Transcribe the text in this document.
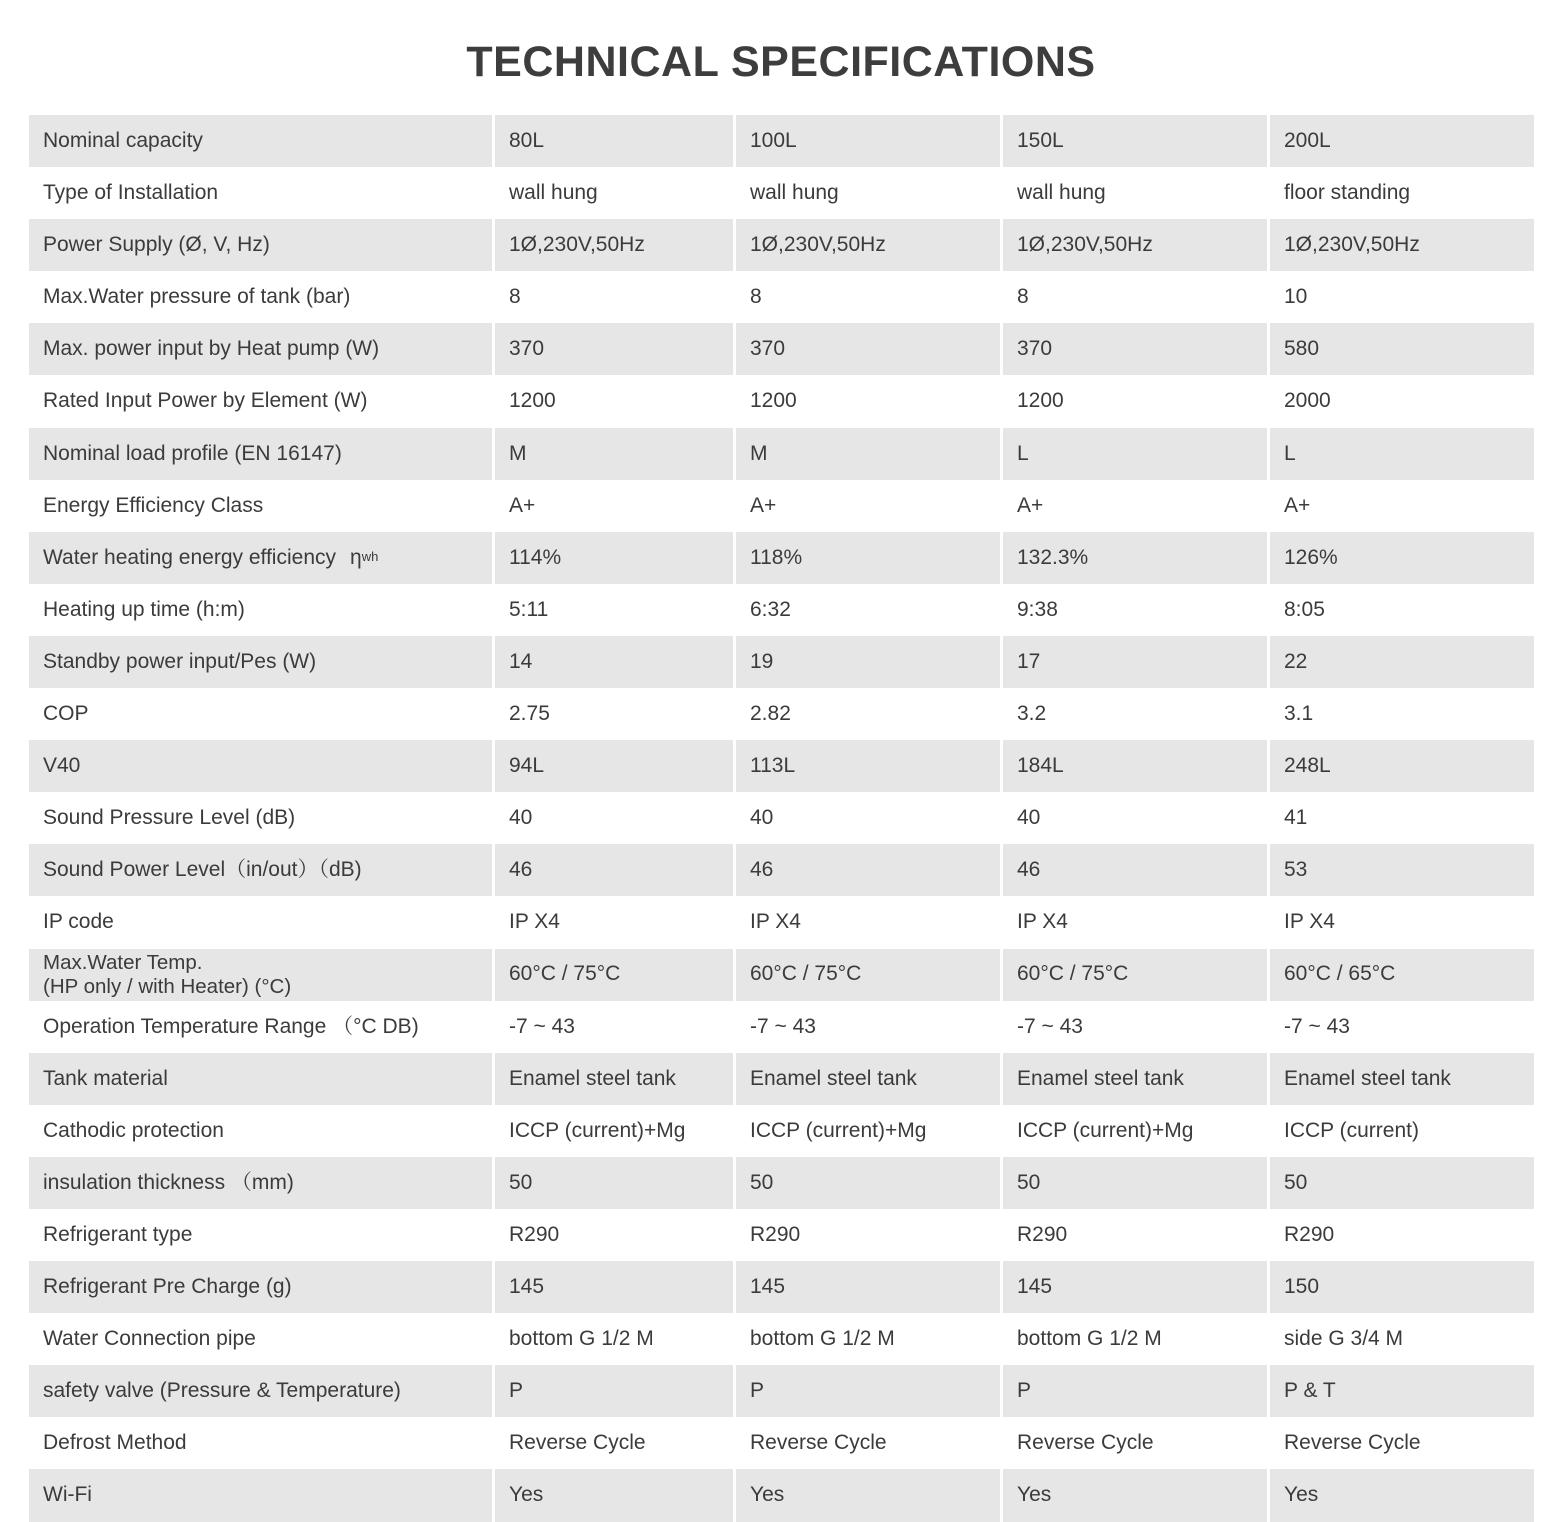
TECHNICAL SPECIFICATIONS
Nominal capacity	80L	100L	150L	200L
Type of Installation	wall hung	wall hung	wall hung	floor standing
Power Supply (Ø, V, Hz)	1Ø,230V,50Hz	1Ø,230V,50Hz	1Ø,230V,50Hz	1Ø,230V,50Hz
Max.Water pressure of tank (bar)	8	8	8	10
Max. power input by Heat pump (W)	370	370	370	580
Rated Input Power by Element (W)	1200	1200	1200	2000
Nominal load profile (EN 16147)	M	M	L	L
Energy Efficiency Class	A+	A+	A+	A+
Water heating energy efficiency η wh	114%	118%	132.3%	126%
Heating up time (h:m)	5:11	6:32	9:38	8:05
Standby power input/Pes (W)	14	19	17	22
COP	2.75	2.82	3.2	3.1
V40	94L	113L	184L	248L
Sound Pressure Level (dB)	40	40	40	41
Sound Power Level（in/out）（dB)	46	46	46	53
IP code	IP X4	IP X4	IP X4	IP X4
Max.Water Temp.
(HP only / with Heater) (°C)
60°C / 75°C	60°C / 75°C	60°C / 75°C	60°C / 65°C
Operation Temperature Range （°C DB)	-7 ~ 43	-7 ~ 43	-7 ~ 43	-7 ~ 43
Tank material	Enamel steel tank	Enamel steel tank	Enamel steel tank	Enamel steel tank
Cathodic protection	ICCP (current)+Mg	ICCP (current)+Mg	ICCP (current)+Mg	ICCP (current)
insulation thickness （mm)	50	50	50	50
Refrigerant type	R290	R290	R290	R290
Refrigerant Pre Charge (g)	145	145	145	150
Water Connection pipe	bottom G 1/2 M	bottom G 1/2 M	bottom G 1/2 M	side G 3/4 M
safety valve (Pressure & Temperature)	P	P	P	P & T
Defrost Method	Reverse Cycle	Reverse Cycle	Reverse Cycle	Reverse Cycle
Wi-Fi	Yes	Yes	Yes	Yes
